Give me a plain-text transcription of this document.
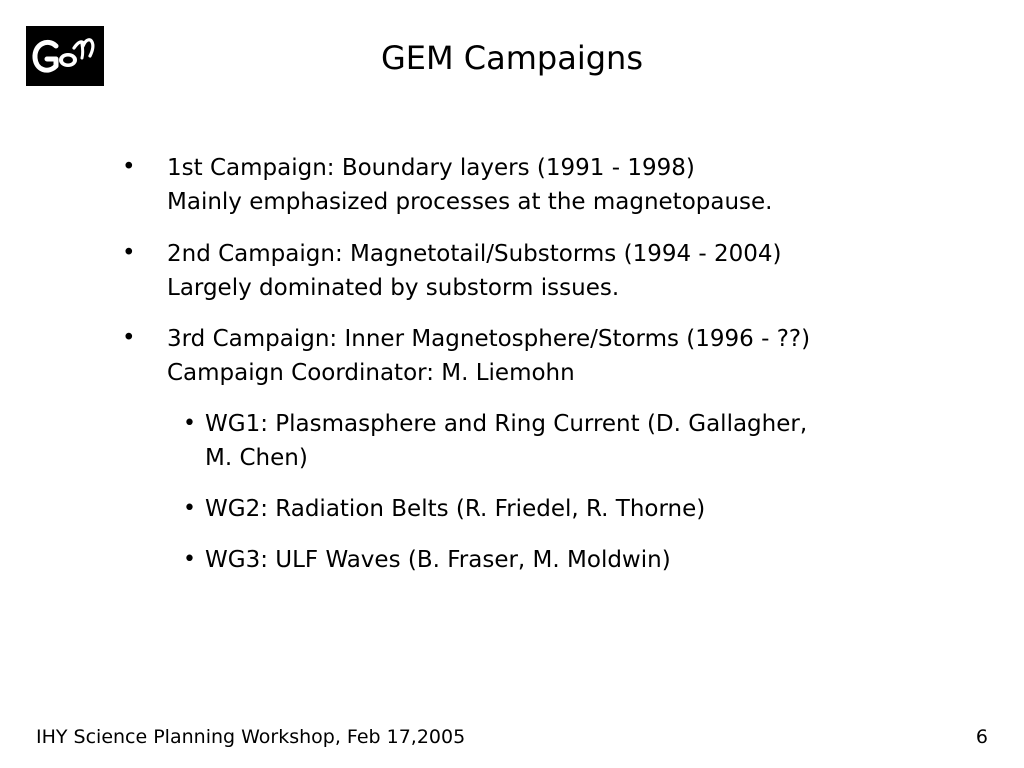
GEM Campaigns
• 1st Campaign: Boundary layers (1991 - 1998)
Mainly emphasized processes at the magnetopause.
• 2nd Campaign: Magnetotail/Substorms (1994 - 2004)
Largely dominated by substorm issues.
• 3rd Campaign: Inner Magnetosphere/Storms (1996 - ??)
Campaign Coordinator: M. Liemohn
• WG1: Plasmasphere and Ring Current (D. Gallagher,
M. Chen)
• WG2: Radiation Belts (R. Friedel, R. Thorne)
• WG3: ULF Waves (B. Fraser, M. Moldwin)
IHY Science Planning Workshop, Feb 17,2005	6
